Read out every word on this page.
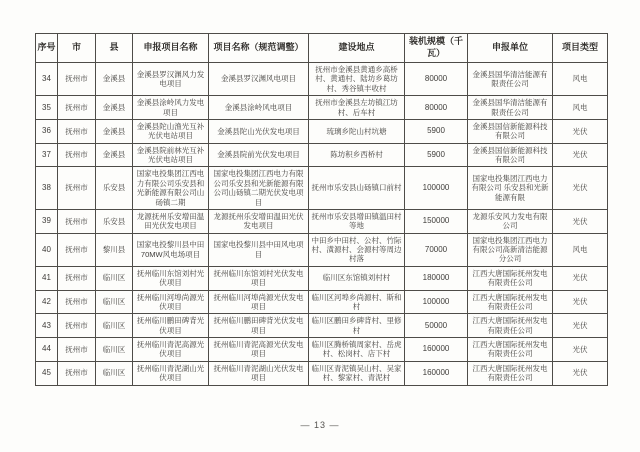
序号	市	县	申报项目名称	项目名称（规范调整）	建设地点	装机规模（千瓦）	申报单位	项目类型
34	抚州市	金溪县	金溪县罗汉渊风力发电项目	金溪县罗汉渊风电项目	抚州市金溪县黄通乡高桥村、黄通村、陆坊乡葛坊村、秀谷镇丰收村	80000	金溪县国华清洁能源有限责任公司	风电
35	抚州市	金溪县	金溪县涂岭风力发电项目	金溪县涂岭风电项目	抚州市金溪县左坊镇江坊村、后车村	80000	金溪县国华清洁能源有限责任公司	风电
36	抚州市	金溪县	金溪县陀山渔光互补光伏电站项目	金溪县陀山光伏发电项目	琉璃乡陀山村坑塘	5900	金溪县国信新能源科技有限公司	光伏
37	抚州市	金溪县	金溪县院前林光互补光伏电站项目	金溪县院前光伏发电项目	陈坊积乡西桥村	5900	金溪县国信新能源科技有限公司	光伏
38	抚州市	乐安县	国家电投集团江西电力有限公司乐安县和光新能源有限公司山砀镇二期	国家电投集团江西电力有限公司乐安县和光新能源有限公司山砀镇二期光伏发电项目	抚州市乐安县山砀镇口前村	100000	国家电投集团江西电力有限公司 乐安县和光新能源有限	光伏
39	抚州市	乐安县	龙源抚州乐安增田温田光伏发电项目	龙源抚州乐安增田温田光伏发电项目	抚州市乐安县增田镇温田村等地	150000	龙源乐安风力发电有限公司	光伏
40	抚州市	黎川县	国家电投黎川县中田70MW风电场项目	国家电投黎川县中田风电项目	中田乡中田村、公村、竹际村、潢源村、会源村等周边村落	70000	国家电投集团江西电力有限公司高新清洁能源分公司	风电
41	抚州市	临川区	抚州临川东馆刘村光伏项目	抚州临川东馆刘村光伏发电项目	临川区东馆镇刘村村	180000	江西大唐国际抚州发电有限责任公司	光伏
42	抚州市	临川区	抚州临川河埠尚源光伏项目	抚州临川河埠尚源光伏发电项目	临川区河埠乡尚源村、斯和村	100000	江西大唐国际抚州发电有限责任公司	光伏
43	抚州市	临川区	抚州临川鹏田碑背光伏项目	抚州临川鹏田碑背光伏发电项目	临川区鹏田乡碑背村、里修村	50000	江西大唐国际抚州发电有限责任公司	光伏
44	抚州市	临川区	抚州临川青泥高源光伏项目	抚州临川青泥高源光伏发电项目	临川区腾桥镇周家村、岳虎村、松岗村、店下村	160000	江西大唐国际抚州发电有限责任公司	光伏
45	抚州市	临川区	抚州临川青泥湖山光伏项目	抚州临川青泥湖山光伏发电项目	临川区青泥镇吴山村、吴家村、黎家村、青泥村	160000	江西大唐国际抚州发电有限责任公司	光伏
— 13 —
